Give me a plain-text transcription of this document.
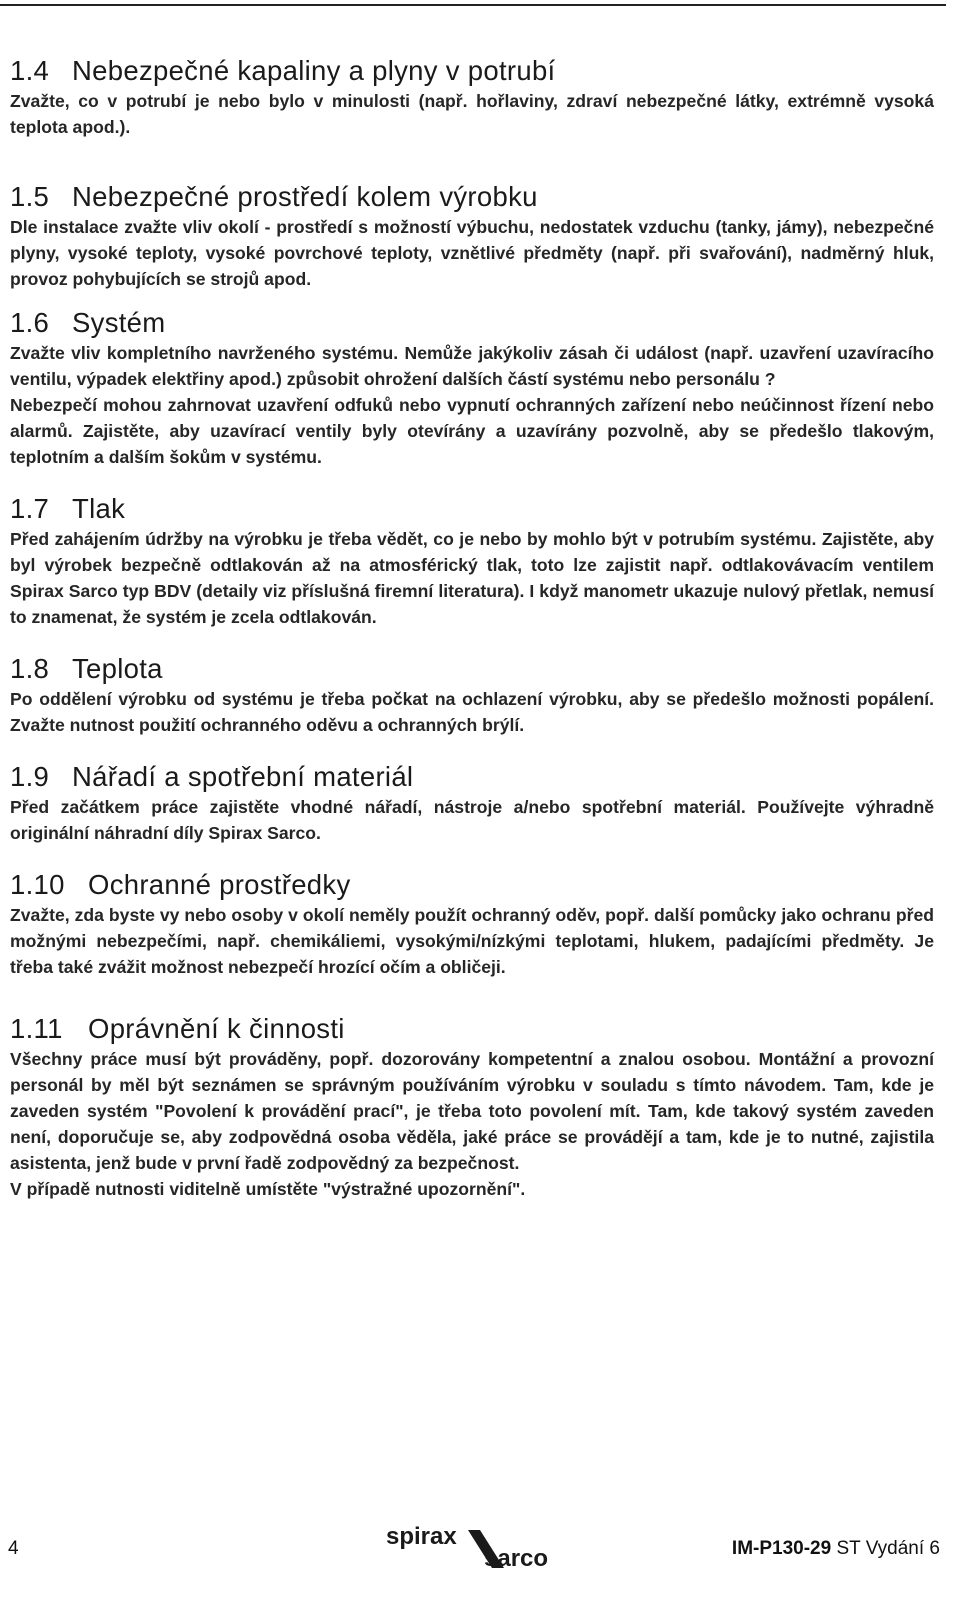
1.4 Nebezpečné kapaliny a plyny v potrubí

Zvažte, co v potrubí je nebo bylo v minulosti (např. hořlaviny, zdraví nebezpečné látky, extrémně vysoká teplota apod.).

1.5 Nebezpečné prostředí kolem výrobku

Dle instalace zvažte vliv okolí - prostředí s možností výbuchu, nedostatek vzduchu (tanky, jámy), nebezpečné plyny, vysoké teploty, vysoké povrchové teploty, vznětlivé předměty (např. při svařování), nadměrný hluk, provoz pohybujících se strojů apod.

1.6 Systém

Zvažte vliv kompletního navrženého systému. Nemůže jakýkoliv zásah či událost (např. uzavření uzavíracího ventilu, výpadek elektřiny apod.) způsobit ohrožení dalších částí systému nebo personálu ?

Nebezpečí mohou zahrnovat uzavření odfuků nebo vypnutí ochranných zařízení nebo neúčinnost řízení nebo alarmů. Zajistěte, aby uzavírací ventily byly otevírány a uzavírány pozvolně, aby se předešlo tlakovým, teplotním a dalším šokům v systému.

1.7 Tlak

Před zahájením údržby na výrobku je třeba vědět, co je nebo by mohlo být v potrubím systému. Zajistěte, aby byl výrobek bezpečně odtlakován až na atmosférický tlak, toto lze zajistit např. odtlakovávacím ventilem Spirax Sarco typ BDV (detaily viz příslušná firemní literatura). I když manometr ukazuje nulový přetlak, nemusí to znamenat, že systém je zcela odtlakován.

1.8 Teplota

Po oddělení výrobku od systému je třeba počkat na ochlazení výrobku, aby se předešlo možnosti popálení. Zvažte nutnost použití ochranného oděvu a ochranných brýlí.

1.9 Nářadí a spotřební materiál

Před začátkem práce zajistěte vhodné nářadí, nástroje a/nebo spotřební materiál. Používejte výhradně originální náhradní díly Spirax Sarco.

1.10 Ochranné prostředky

Zvažte, zda byste vy nebo osoby v okolí neměly použít ochranný oděv, popř. další pomůcky jako ochranu před možnými nebezpečími, např. chemikáliemi, vysokými/nízkými teplotami, hlukem, padajícími předměty. Je třeba také zvážit možnost nebezpečí hrozící očím a obličeji.

1.11 Oprávnění k činnosti

Všechny práce musí být prováděny, popř. dozorovány kompetentní a znalou osobou. Montážní a provozní personál by měl být seznámen se správným používáním výrobku v souladu s tímto návodem. Tam, kde je zaveden systém "Povolení k provádění prací", je třeba toto povolení mít. Tam, kde takový systém zaveden není, doporučuje se, aby zodpovědná osoba věděla, jaké práce se provádějí a tam, kde je to nutné, zajistila asistenta, jenž bude v první řadě zodpovědný za bezpečnost.

V případě nutnosti viditelně umístěte "výstražné upozornění".

4	spirax
sarco	IM-P130-29 ST Vydání 6
